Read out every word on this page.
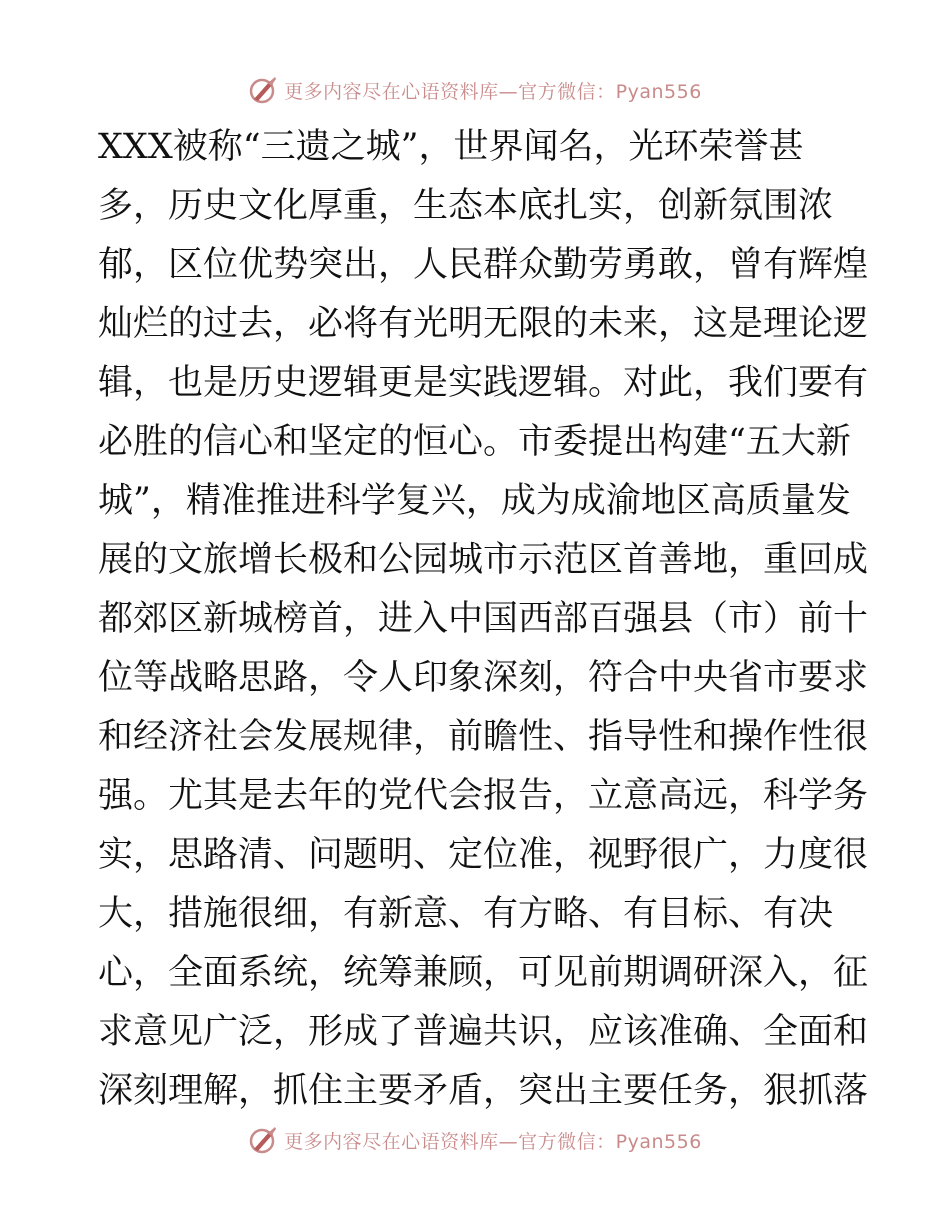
更多内容尽在心语资料库—官方微信：Pyan556
XXX被称“三遗之城”，世界闻名，光环荣誉甚
多，历史文化厚重，生态本底扎实，创新氛围浓
郁，区位优势突出，人民群众勤劳勇敢，曾有辉煌
灿烂的过去，必将有光明无限的未来，这是理论逻
辑，也是历史逻辑更是实践逻辑。对此，我们要有
必胜的信心和坚定的恒心。市委提出构建“五大新
城”，精准推进科学复兴，成为成渝地区高质量发
展的文旅增长极和公园城市示范区首善地，重回成
都郊区新城榜首，进入中国西部百强县（市）前十
位等战略思路，令人印象深刻，符合中央省市要求
和经济社会发展规律，前瞻性、指导性和操作性很
强。尤其是去年的党代会报告，立意高远，科学务
实，思路清、问题明、定位准，视野很广，力度很
大，措施很细，有新意、有方略、有目标、有决
心，全面系统，统筹兼顾，可见前期调研深入，征
求意见广泛，形成了普遍共识，应该准确、全面和
深刻理解，抓住主要矛盾，突出主要任务，狠抓落
更多内容尽在心语资料库—官方微信：Pyan556
